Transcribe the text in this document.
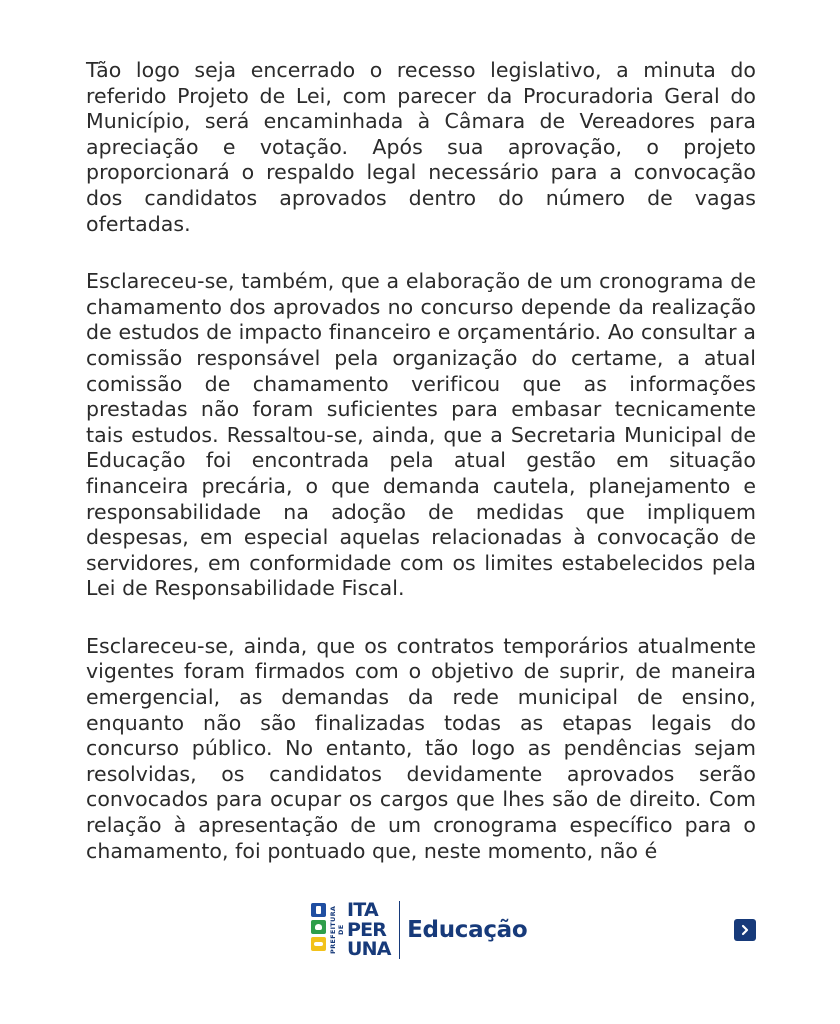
Tão logo seja encerrado o recesso legislativo, a minuta do referido Projeto de Lei, com parecer da Procuradoria Geral do Município, será encaminhada à Câmara de Vereadores para apreciação e votação. Após sua aprovação, o projeto proporcionará o respaldo legal necessário para a convocação dos candidatos aprovados dentro do número de vagas ofertadas.

Esclareceu-se, também, que a elaboração de um cronograma de chamamento dos aprovados no concurso depende da realização de estudos de impacto financeiro e orçamentário. Ao consultar a comissão responsável pela organização do certame, a atual comissão de chamamento verificou que as informações prestadas não foram suficientes para embasar tecnicamente tais estudos. Ressaltou-se, ainda, que a Secretaria Municipal de Educação foi encontrada pela atual gestão em situação financeira precária, o que demanda cautela, planejamento e responsabilidade na adoção de medidas que impliquem despesas, em especial aquelas relacionadas à convocação de servidores, em conformidade com os limites estabelecidos pela Lei de Responsabilidade Fiscal.

Esclareceu-se, ainda, que os contratos temporários atualmente vigentes foram firmados com o objetivo de suprir, de maneira emergencial, as demandas da rede municipal de ensino, enquanto não são finalizadas todas as etapas legais do concurso público. No entanto, tão logo as pendências sejam resolvidas, os candidatos devidamente aprovados serão convocados para ocupar os cargos que lhes são de direito. Com relação à apresentação de um cronograma específico para o chamamento, foi pontuado que, neste momento, não é

PREFEITURA DE
ITA
PER
UNA
Educação
